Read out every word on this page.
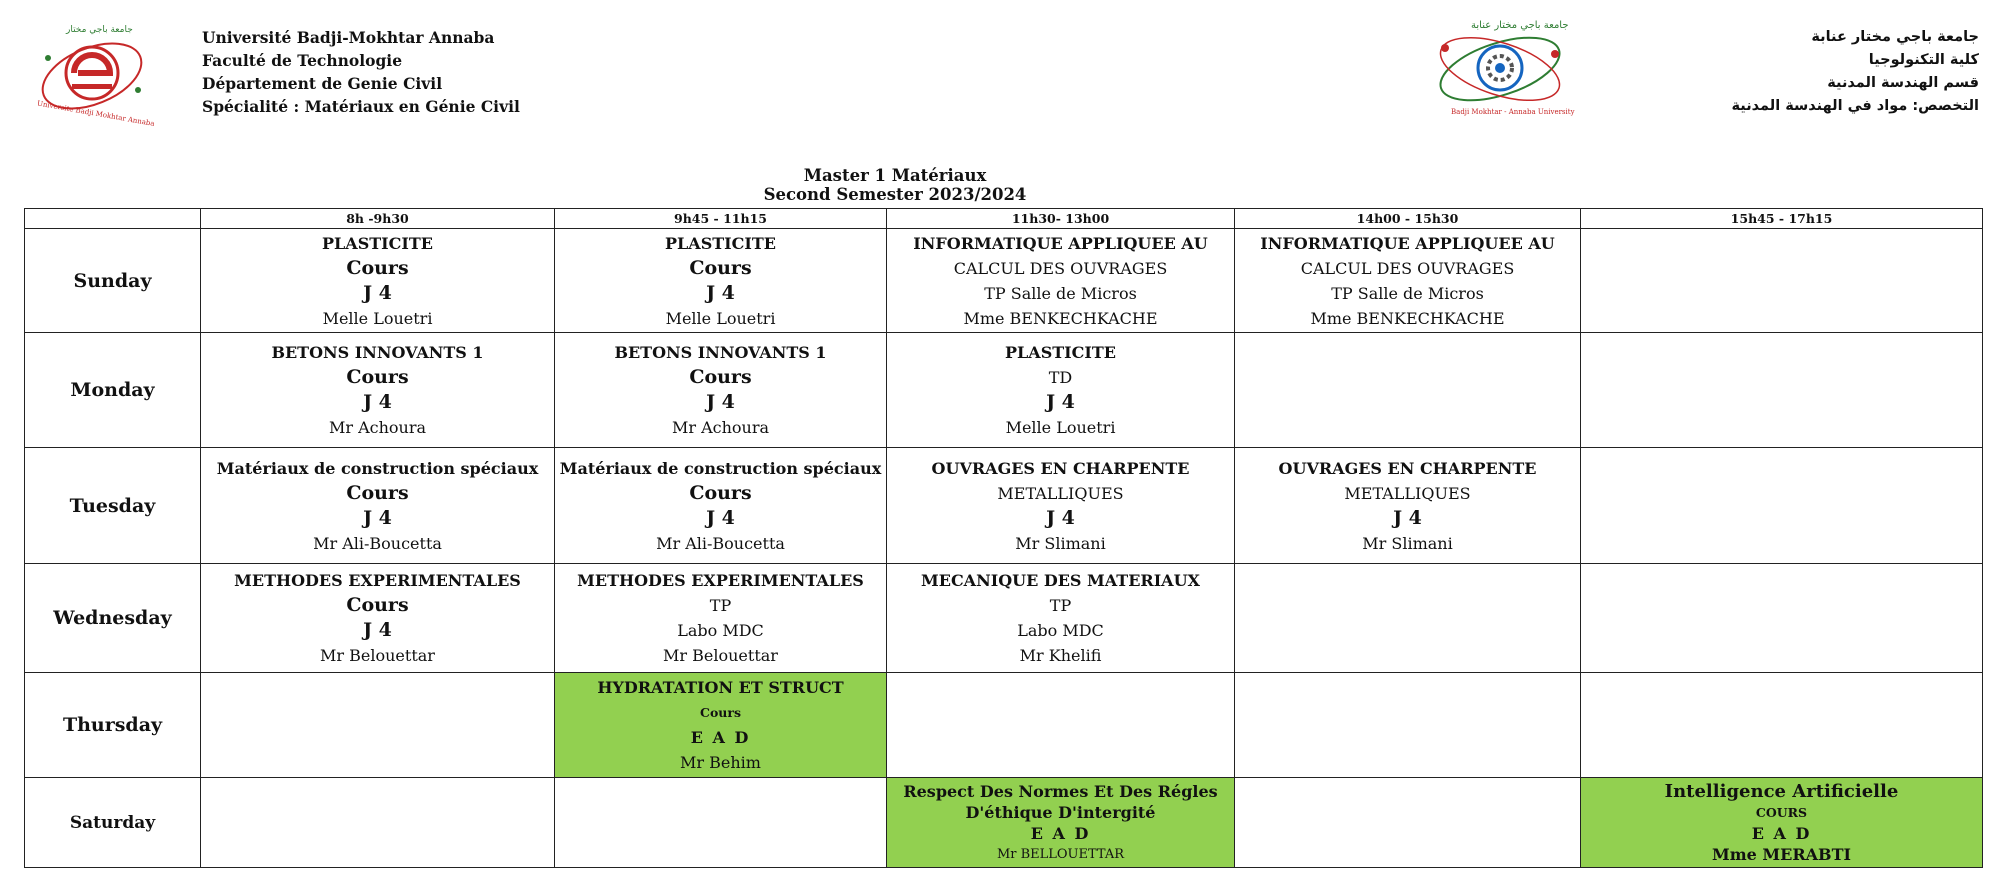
Université Badji-Mokhtar Annaba
Faculté de Technologie
Département de Genie Civil
Spécialité : Matériaux en Génie Civil
جامعة باجي مختار عنابة
كلية التكنولوجيا
قسم الهندسة المدنية
التخصص: مواد في الهندسة المدنية
جامعة باجي مختار
Universite Badji Mokhtar Annaba
جامعة باجي مختار عنابة
Badji Mokhtar - Annaba University
Master 1 Matériaux
Second Semester 2023/2024
	8h -9h30	9h45 - 11h15	11h30- 13h00	14h00 - 15h30	15h45 - 17h15
Sunday	PLASTICITE
Cours
J 4
Melle Louetri	PLASTICITE
Cours
J 4
Melle Louetri	INFORMATIQUE APPLIQUEE AU
CALCUL DES OUVRAGES
TP Salle de Micros
Mme BENKECHKACHE	INFORMATIQUE APPLIQUEE AU
CALCUL DES OUVRAGES
TP Salle de Micros
Mme BENKECHKACHE	

Monday	BETONS INNOVANTS 1
Cours
J 4
Mr Achoura	BETONS INNOVANTS 1
Cours
J 4
Mr Achoura	PLASTICITE
TD
J 4
Melle Louetri		

Tuesday	Matériaux de construction spéciaux
Cours
J 4
Mr Ali-Boucetta	Matériaux de construction spéciaux
Cours
J 4
Mr Ali-Boucetta	OUVRAGES EN CHARPENTE
METALLIQUES
J 4
Mr Slimani	OUVRAGES EN CHARPENTE
METALLIQUES
J 4
Mr Slimani	

Wednesday	METHODES EXPERIMENTALES
Cours
J 4
Mr Belouettar	METHODES EXPERIMENTALES
TP
Labo MDC
Mr Belouettar	MECANIQUE DES MATERIAUX
TP
Labo MDC
Mr Khelifi		

Thursday		HYDRATATION ET STRUCT
Cours
E A D
Mr Behim			

Saturday			Respect Des Normes Et Des Régles
D'éthique D'intergité
E A D
Mr BELLOUETTAR		Intelligence Artificielle
COURS
E A D
Mme MERABTI
